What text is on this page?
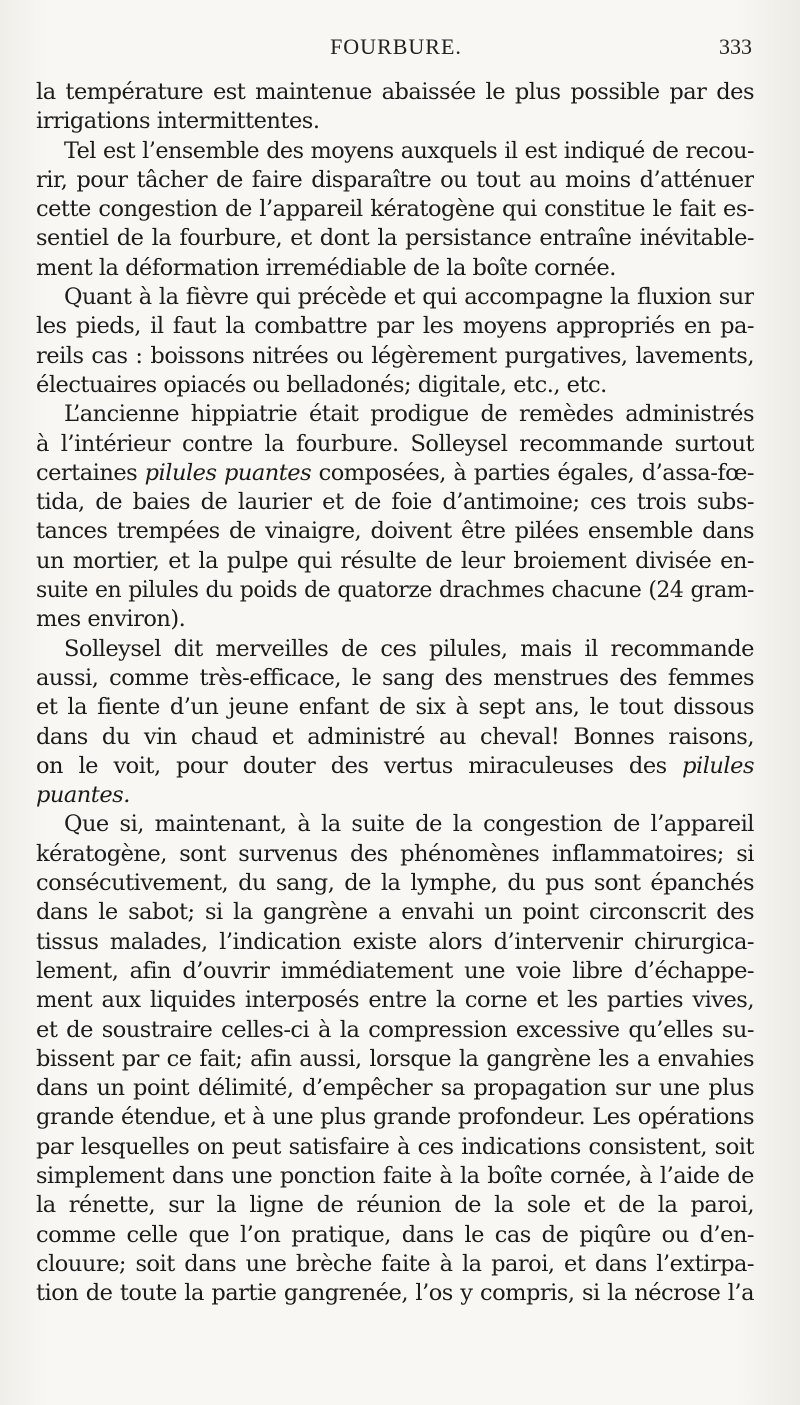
FOURBURE.	333
la température est maintenue abaissée le plus possible par des
irrigations intermittentes.
Tel est l’ensemble des moyens auxquels il est indiqué de recou-
rir, pour tâcher de faire disparaître ou tout au moins d’atténuer
cette congestion de l’appareil kératogène qui constitue le fait es-
sentiel de la fourbure, et dont la persistance entraîne inévitable-
ment la déformation irremédiable de la boîte cornée.
Quant à la fièvre qui précède et qui accompagne la fluxion sur
les pieds, il faut la combattre par les moyens appropriés en pa-
reils cas : boissons nitrées ou légèrement purgatives, lavements,
électuaires opiacés ou belladonés; digitale, etc., etc.
L’ancienne hippiatrie était prodigue de remèdes administrés
à l’intérieur contre la fourbure. Solleysel recommande surtout
certaines pilules puantes composées, à parties égales, d’assa-fœ-
tida, de baies de laurier et de foie d’antimoine; ces trois subs-
tances trempées de vinaigre, doivent être pilées ensemble dans
un mortier, et la pulpe qui résulte de leur broiement divisée en-
suite en pilules du poids de quatorze drachmes chacune (24 gram-
mes environ).
Solleysel dit merveilles de ces pilules, mais il recommande
aussi, comme très-efficace, le sang des menstrues des femmes
et la fiente d’un jeune enfant de six à sept ans, le tout dissous
dans du vin chaud et administré au cheval! Bonnes raisons,
on le voit, pour douter des vertus miraculeuses des pilules
puantes.
Que si, maintenant, à la suite de la congestion de l’appareil
kératogène, sont survenus des phénomènes inflammatoires; si
consécutivement, du sang, de la lymphe, du pus sont épanchés
dans le sabot; si la gangrène a envahi un point circonscrit des
tissus malades, l’indication existe alors d’intervenir chirurgica-
lement, afin d’ouvrir immédiatement une voie libre d’échappe-
ment aux liquides interposés entre la corne et les parties vives,
et de soustraire celles-ci à la compression excessive qu’elles su-
bissent par ce fait; afin aussi, lorsque la gangrène les a envahies
dans un point délimité, d’empêcher sa propagation sur une plus
grande étendue, et à une plus grande profondeur. Les opérations
par lesquelles on peut satisfaire à ces indications consistent, soit
simplement dans une ponction faite à la boîte cornée, à l’aide de
la rénette, sur la ligne de réunion de la sole et de la paroi,
comme celle que l’on pratique, dans le cas de piqûre ou d’en-
clouure; soit dans une brèche faite à la paroi, et dans l’extirpa-
tion de toute la partie gangrenée, l’os y compris, si la nécrose l’a
